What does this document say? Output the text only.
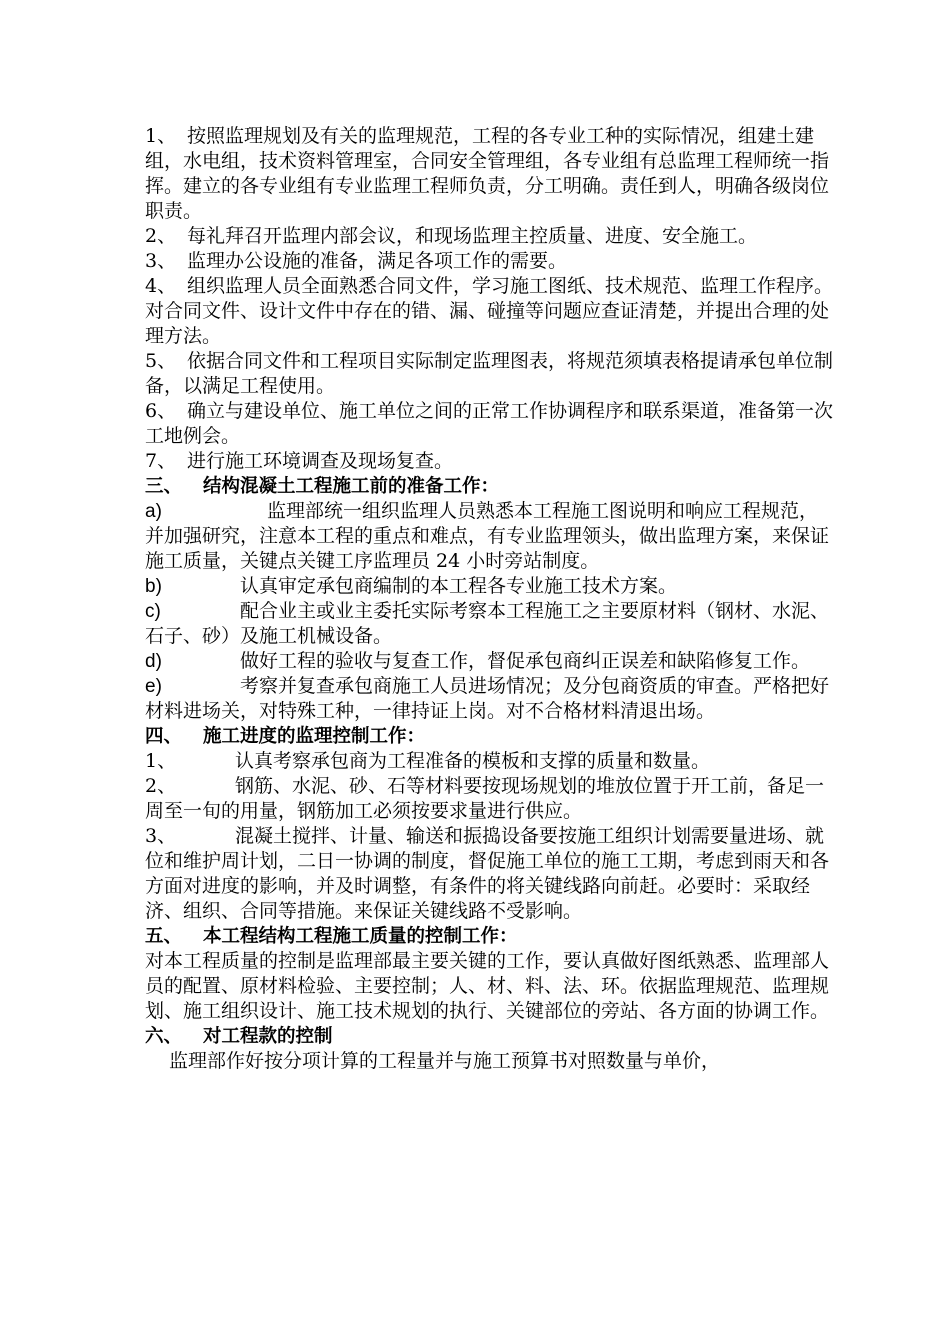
1、 按照监理规划及有关的监理规范，工程的各专业工种的实际情况，组建土建组，水电组，技术资料管理室，合同安全管理组，各专业组有总监理工程师统一指挥。建立的各专业组有专业监理工程师负责，分工明确。责任到人，明确各级岗位职责。

2、 每礼拜召开监理内部会议，和现场监理主控质量、进度、安全施工。

3、 监理办公设施的准备，满足各项工作的需要。

4、 组织监理人员全面熟悉合同文件，学习施工图纸、技术规范、监理工作程序。对合同文件、设计文件中存在的错、漏、碰撞等问题应查证清楚，并提出合理的处理方法。

5、 依据合同文件和工程项目实际制定监理图表，将规范须填表格提请承包单位制备，以满足工程使用。

6、 确立与建设单位、施工单位之间的正常工作协调程序和联系渠道，准备第一次工地例会。

7、 进行施工环境调查及现场复查。

三、 结构混凝土工程施工前的准备工作：

a)	监理部统一组织监理人员熟悉本工程施工图说明和响应工程规范，并加强研究，注意本工程的重点和难点，有专业监理领头，做出监理方案，来保证施工质量，关键点关键工序监理员 24 小时旁站制度。

b)	认真审定承包商编制的本工程各专业施工技术方案。

c)	配合业主或业主委托实际考察本工程施工之主要原材料（钢材、水泥、石子、砂）及施工机械设备。

d)	做好工程的验收与复查工作，督促承包商纠正误差和缺陷修复工作。

e)	考察并复查承包商施工人员进场情况；及分包商资质的审查。严格把好材料进场关，对特殊工种，一律持证上岗。对不合格材料清退出场。

四、 施工进度的监理控制工作：

1、	认真考察承包商为工程准备的模板和支撑的质量和数量。

2、	钢筋、水泥、砂、石等材料要按现场规划的堆放位置于开工前，备足一周至一旬的用量，钢筋加工必须按要求量进行供应。

3、	混凝土搅拌、计量、输送和振捣设备要按施工组织计划需要量进场、就位和维护周计划，二日一协调的制度，督促施工单位的施工工期，考虑到雨天和各方面对进度的影响，并及时调整，有条件的将关键线路向前赶。必要时：采取经济、组织、合同等措施。来保证关键线路不受影响。

五、 本工程结构工程施工质量的控制工作：

对本工程质量的控制是监理部最主要关键的工作，要认真做好图纸熟悉、监理部人员的配置、原材料检验、主要控制；人、材、料、法、环。依据监理规范、监理规划、施工组织设计、施工技术规划的执行、关键部位的旁站、各方面的协调工作。

六、 对工程款的控制

监理部作好按分项计算的工程量并与施工预算书对照数量与单价，
